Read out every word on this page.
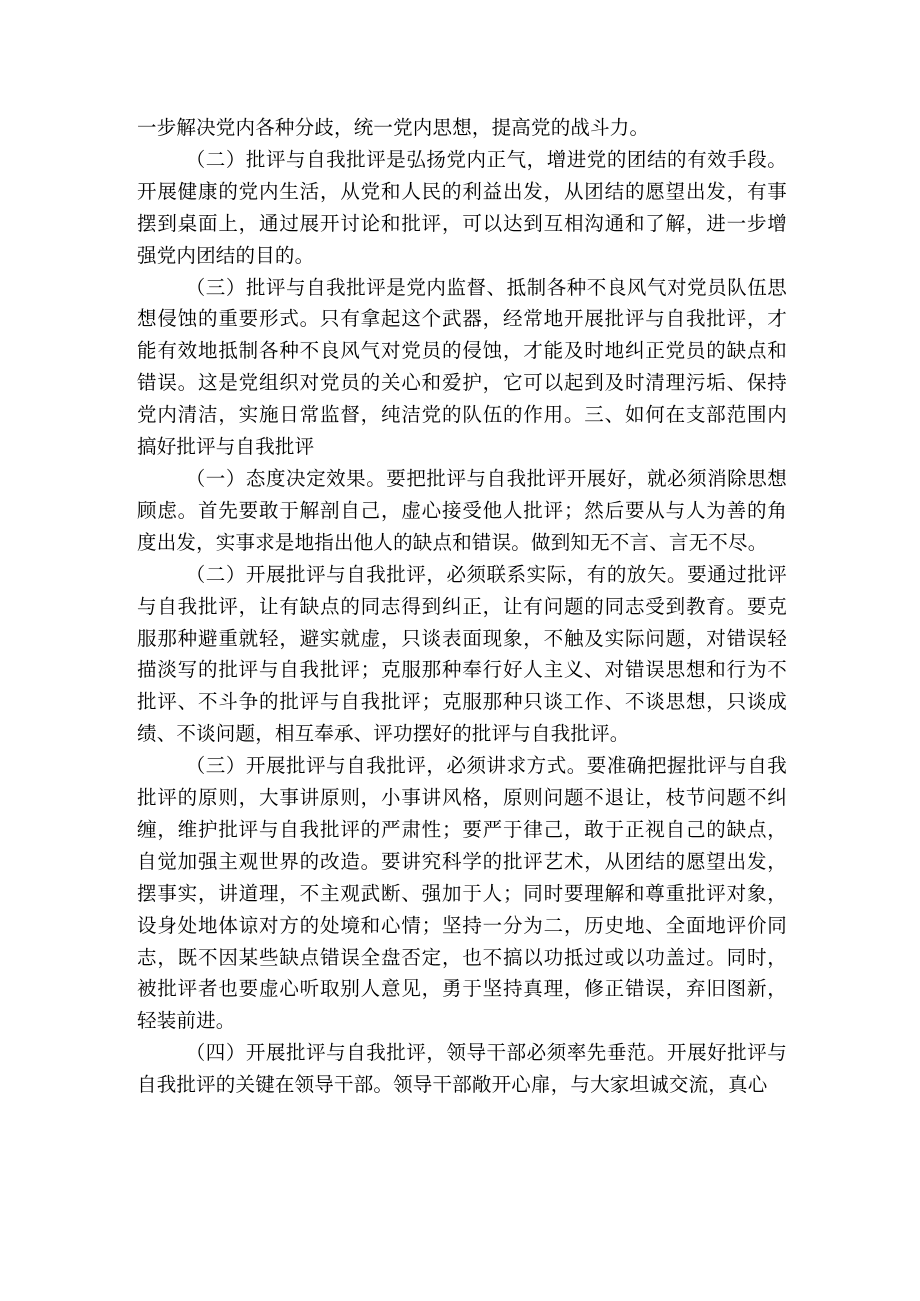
一步解决党内各种分歧，统一党内思想，提高党的战斗力。

（二）批评与自我批评是弘扬党内正气，增进党的团结的有效手段。开展健康的党内生活，从党和人民的利益出发，从团结的愿望出发，有事摆到桌面上，通过展开讨论和批评，可以达到互相沟通和了解，进一步增强党内团结的目的。

（三）批评与自我批评是党内监督、抵制各种不良风气对党员队伍思想侵蚀的重要形式。只有拿起这个武器，经常地开展批评与自我批评，才能有效地抵制各种不良风气对党员的侵蚀，才能及时地纠正党员的缺点和错误。这是党组织对党员的关心和爱护，它可以起到及时清理污垢、保持党内清洁，实施日常监督，纯洁党的队伍的作用。三、如何在支部范围内搞好批评与自我批评

（一）态度决定效果。要把批评与自我批评开展好，就必须消除思想顾虑。首先要敢于解剖自己，虚心接受他人批评；然后要从与人为善的角度出发，实事求是地指出他人的缺点和错误。做到知无不言、言无不尽。

（二）开展批评与自我批评，必须联系实际，有的放矢。要通过批评与自我批评，让有缺点的同志得到纠正，让有问题的同志受到教育。要克服那种避重就轻，避实就虚，只谈表面现象，不触及实际问题，对错误轻描淡写的批评与自我批评；克服那种奉行好人主义、对错误思想和行为不批评、不斗争的批评与自我批评；克服那种只谈工作、不谈思想，只谈成绩、不谈问题，相互奉承、评功摆好的批评与自我批评。

（三）开展批评与自我批评，必须讲求方式。要准确把握批评与自我批评的原则，大事讲原则，小事讲风格，原则问题不退让，枝节问题不纠缠，维护批评与自我批评的严肃性；要严于律己，敢于正视自己的缺点，自觉加强主观世界的改造。要讲究科学的批评艺术，从团结的愿望出发，摆事实，讲道理，不主观武断、强加于人；同时要理解和尊重批评对象，设身处地体谅对方的处境和心情；坚持一分为二，历史地、全面地评价同志，既不因某些缺点错误全盘否定，也不搞以功抵过或以功盖过。同时，被批评者也要虚心听取别人意见，勇于坚持真理，修正错误，弃旧图新，轻装前进。

（四）开展批评与自我批评，领导干部必须率先垂范。开展好批评与自我批评的关键在领导干部。领导干部敞开心扉，与大家坦诚交流，真心
